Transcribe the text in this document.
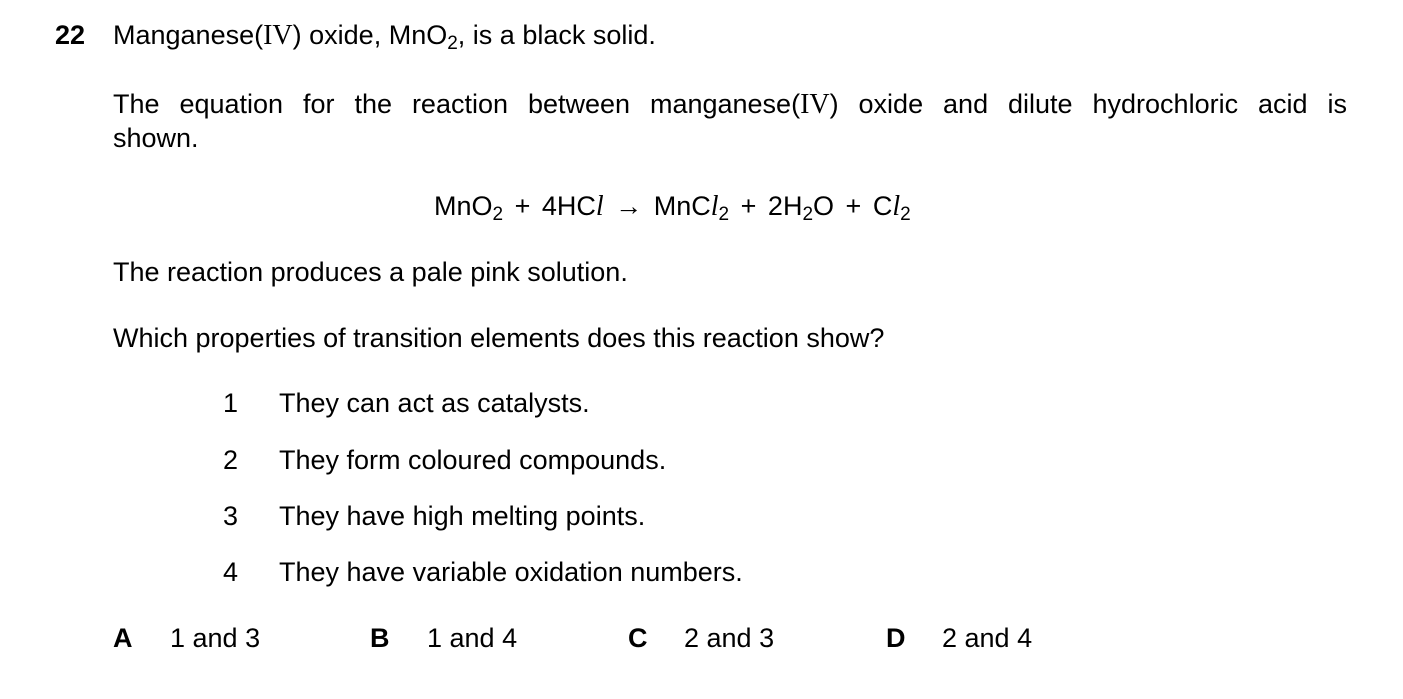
22 Manganese(IV) oxide, MnO$_2$, is a black solid.
The equation for the reaction between manganese(IV) oxide and dilute hydrochloric acid is
shown.
MnO$_2$ + 4HCl → MnCl$_2$ + $2H_2O + Cl_2$
The reaction produces a pale pink solution.
Which properties of transition elements does this reaction show?
1 They can act as catalysts.
2 They form coloured compounds.
3 They have high melting points.
4 They have variable oxidation numbers.
A 1 and 3	B 1 and 4	C 2 and 3	D 2 and 4
